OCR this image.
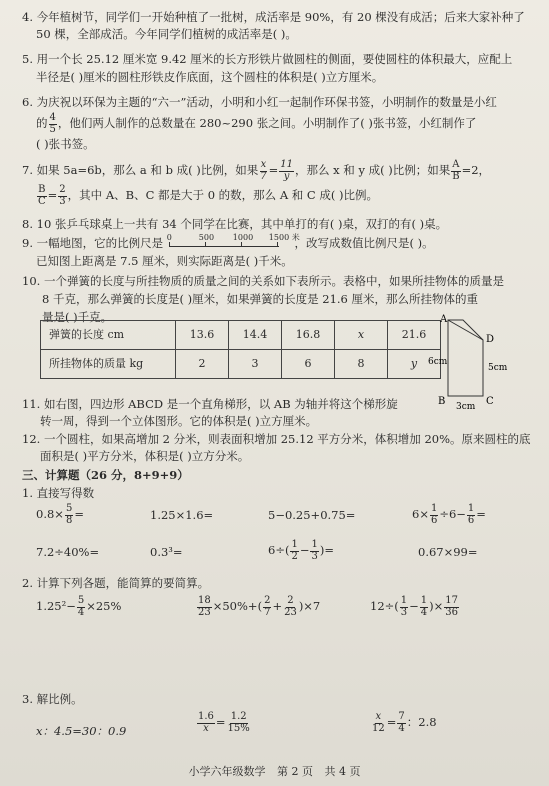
4. 今年植树节，同学们一开始种植了一批树，成活率是 90%，有 20 棵没有成活；后来大家补种了
50 棵，全部成活。今年同学们植树的成活率是( )。
5. 用一个长 25.12 厘米宽 9.42 厘米的长方形铁片做圆柱的侧面，要使圆柱的体积最大，应配上
半径是( )厘米的圆柱形铁皮作底面，这个圆柱的体积是( )立方厘米。
6. 为庆祝以环保为主题的“六一”活动，小明和小红一起制作环保书签，小明制作的数量是小红
的 $\frac{4}{5}$ ，他们两人制作的总数量在 280~290 张之间。小明制作了( )张书签，小红制作了
( )张书签。
7. 如果 5a=6b，那么 a 和 b 成( )比例，如果 $\frac{x}{7} = \frac{11}{y}$ ，那么 x 和 y 成( )比例；如果 $\frac{A}{B} =2$，
$\frac{B}{C} = \frac{2}{3}$ ，其中 A、B、C 都是大于 0 的数，那么 A 和 C 成( )比例。
8. 10 张乒乓球桌上一共有 34 个同学在比赛，其中单打的有( )桌，双打的有( )桌。
9. 一幅地图，它的比例尺是 0	500 1000 1500 米
，改写成数值比例尺是( )。
已知图上距离是 7.5 厘米，则实际距离是( )千米。
10. 一个弹簧的长度与所挂物质的质量之间的关系如下表所示。表格中，如果所挂物体的质量是
8 千克，那么弹簧的长度是( )厘米，如果弹簧的长度是 21.6 厘米，那么所挂物体的重
量是( )千克。
弹簧的长度 cm	13.6	14.4	16.8	x	21.6
所挂物体的质量 kg	2	3	6	8	y
A
D
B	C
6cm
5cm
3cm
11. 如右图，四边形 ABCD 是一个直角梯形，以 AB 为轴并将这个梯形旋
转一周，得到一个立体图形。它的体积是( )立方厘米。
12. 一个圆柱，如果高增加 2 分米，则表面积增加 25.12 平方分米，体积增加 20%。原来圆柱的底
面积是( )平方分米，体积是( )立方分米。
三、计算题（26 分，8+9+9）
1. 直接写得数
$0.8\times \frac{5}{8}$ =	1.25×1.6=	5−0.25+0.75=	$6\times \frac{1}{6} \div 6- \frac{1}{6}$ =
7.2÷40%=	0.3³=	$6\div( \frac{1}{2} - \frac{1}{3}$ )=	0.67×99=
2. 计算下列各题，能简算的要简算。
$1.25^2- \frac{5}{4} \times 25\%$	$\frac{18}{23} \times 50\%+( \frac{2}{7} + \frac{2}{23} )\times 7$	$12\div( \frac{1}{3} - \frac{1}{4}$ )× $\frac{17}{36}$
3. 解比例。
x：4.5=30：0.9	$\frac{1.6}{x} = \frac{1.2}{15\%}$	$\frac{x}{12} = \frac{7}{4}$ ：2.8
小学六年级数学 第 2 页 共 4 页
